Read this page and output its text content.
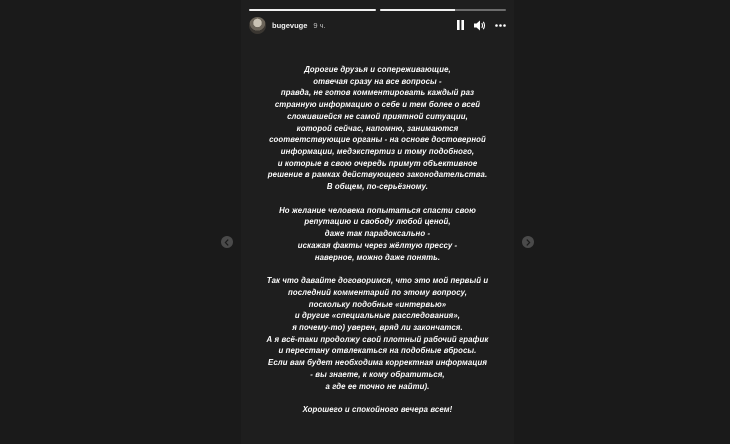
bugevuge 9 ч.
Дорогие друзья и сопереживающие,
отвечая сразу на все вопросы -
правда, не готов комментировать каждый раз
странную информацию о себе и тем более о всей
сложившейся не самой приятной ситуации,
которой сейчас, напомню, занимаются
соответствующие органы - на основе достоверной
информации, медэкспертиз и тому подобного,
и которые в свою очередь примут объективное
решение в рамках действующего законодательства.
В общем, по-серьёзному.
Но желание человека попытаться спасти свою
репутацию и свободу любой ценой,
даже так парадоксально -
искажая факты через жёлтую прессу -
наверное, можно даже понять.
Так что давайте договоримся, что это мой первый и
последний комментарий по этому вопросу,
поскольку подобные «интервью»
и другие «специальные расследования»,
я почему-то) уверен, вряд ли закончатся.
А я всё-таки продолжу свой плотный рабочий график
и перестану отвлекаться на подобные вбросы.
Если вам будет необходима корректная информация
- вы знаете, к кому обратиться,
а где ее точно не найти).
Хорошего и спокойного вечера всем!
